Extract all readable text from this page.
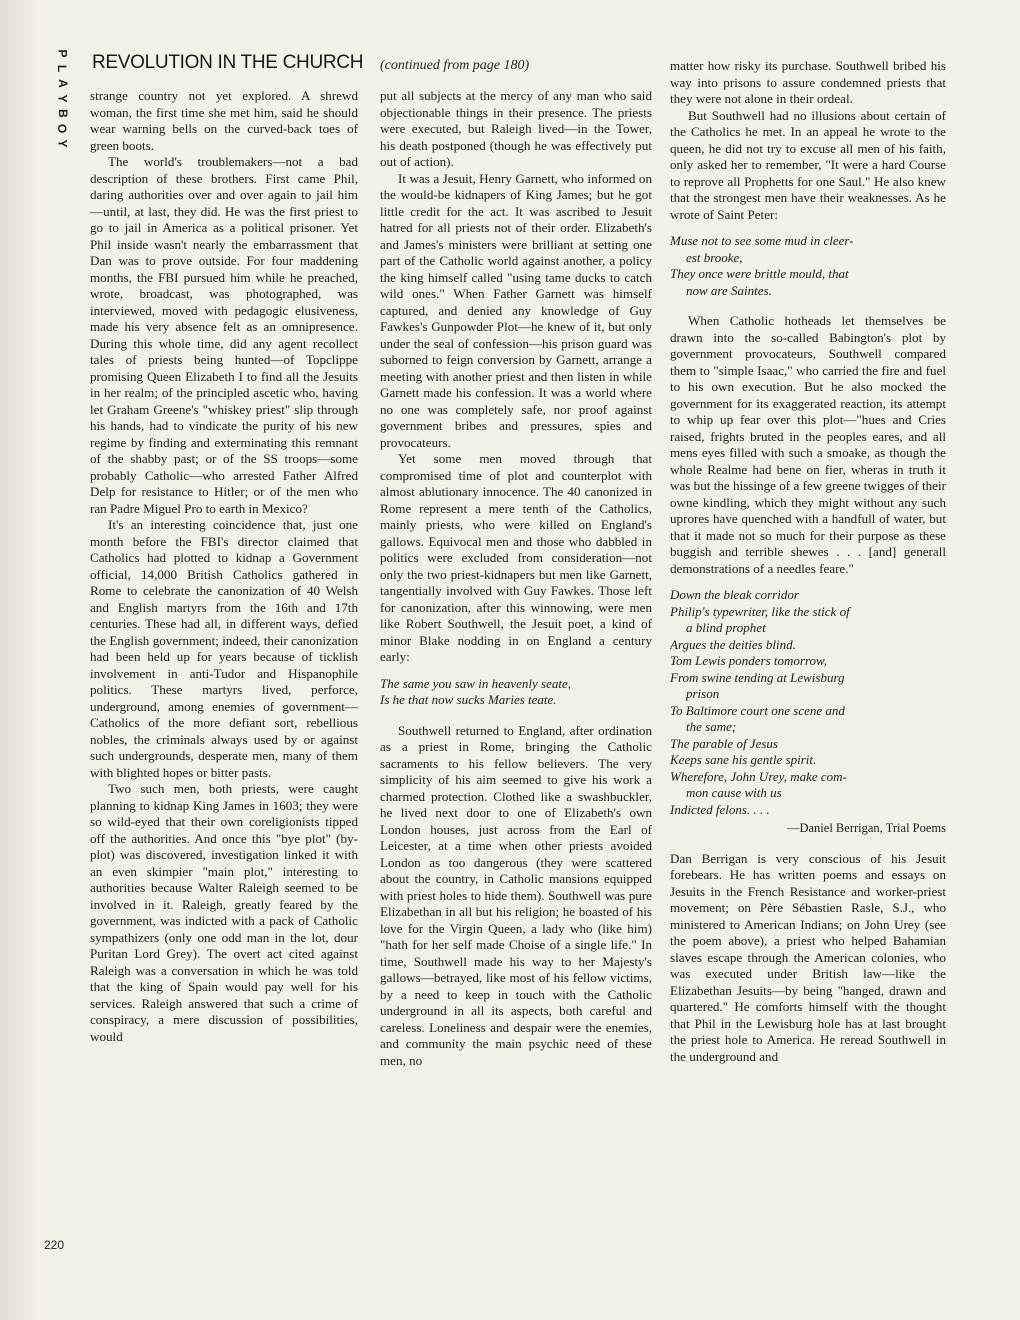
P
L
A
Y
B
O
Y
REVOLUTION IN THE CHURCH (continued from page 180)

strange country not yet explored. A shrewd woman, the first time she met him, said he should wear warning bells on the curved-back toes of green boots.

The world's troublemakers—not a bad description of these brothers. First came Phil, daring authorities over and over again to jail him—until, at last, they did. He was the first priest to go to jail in America as a political prisoner. Yet Phil inside wasn't nearly the embarrassment that Dan was to prove outside. For four maddening months, the FBI pursued him while he preached, wrote, broadcast, was photographed, was interviewed, moved with pedagogic elusiveness, made his very absence felt as an omnipresence. During this whole time, did any agent recollect tales of priests being hunted—of Topclippe promising Queen Elizabeth I to find all the Jesuits in her realm; of the principled ascetic who, having let Graham Greene's "whiskey priest" slip through his hands, had to vindicate the purity of his new regime by finding and exterminating this remnant of the shabby past; or of the SS troops—some probably Catholic—who arrested Father Alfred Delp for resistance to Hitler; or of the men who ran Padre Miguel Pro to earth in Mexico?

It's an interesting coincidence that, just one month before the FBI's director claimed that Catholics had plotted to kidnap a Government official, 14,000 British Catholics gathered in Rome to celebrate the canonization of 40 Welsh and English martyrs from the 16th and 17th centuries. These had all, in different ways, defied the English government; indeed, their canonization had been held up for years because of ticklish involvement in anti-Tudor and Hispanophile politics. These martyrs lived, perforce, underground, among enemies of government—Catholics of the more defiant sort, rebellious nobles, the criminals always used by or against such undergrounds, desperate men, many of them with blighted hopes or bitter pasts.

Two such men, both priests, were caught planning to kidnap King James in 1603; they were so wild-eyed that their own coreligionists tipped off the authorities. And once this "bye plot" (by-plot) was discovered, investigation linked it with an even skimpier "main plot," interesting to authorities because Walter Raleigh seemed to be involved in it. Raleigh, greatly feared by the government, was indicted with a pack of Catholic sympathizers (only one odd man in the lot, dour Puritan Lord Grey). The overt act cited against Raleigh was a conversation in which he was told that the king of Spain would pay well for his services. Raleigh answered that such a crime of conspiracy, a mere discussion of possibilities, would

put all subjects at the mercy of any man who said objectionable things in their presence. The priests were executed, but Raleigh lived—in the Tower, his death postponed (though he was effectively put out of action).

It was a Jesuit, Henry Garnett, who informed on the would-be kidnapers of King James; but he got little credit for the act. It was ascribed to Jesuit hatred for all priests not of their order. Elizabeth's and James's ministers were brilliant at setting one part of the Catholic world against another, a policy the king himself called "using tame ducks to catch wild ones." When Father Garnett was himself captured, and denied any knowledge of Guy Fawkes's Gunpowder Plot—he knew of it, but only under the seal of confession—his prison guard was suborned to feign conversion by Garnett, arrange a meeting with another priest and then listen in while Garnett made his confession. It was a world where no one was completely safe, nor proof against government bribes and pressures, spies and provocateurs.

Yet some men moved through that compromised time of plot and counterplot with almost ablutionary innocence. The 40 canonized in Rome represent a mere tenth of the Catholics, mainly priests, who were killed on England's gallows. Equivocal men and those who dabbled in politics were excluded from consideration—not only the two priest-kidnapers but men like Garnett, tangentially involved with Guy Fawkes. Those left for canonization, after this winnowing, were men like Robert Southwell, the Jesuit poet, a kind of minor Blake nodding in on England a century early:

The same you saw in heavenly seate,
Is he that now sucks Maries teate.

Southwell returned to England, after ordination as a priest in Rome, bringing the Catholic sacraments to his fellow believers. The very simplicity of his aim seemed to give his work a charmed protection. Clothed like a swashbuckler, he lived next door to one of Elizabeth's own London houses, just across from the Earl of Leicester, at a time when other priests avoided London as too dangerous (they were scattered about the country, in Catholic mansions equipped with priest holes to hide them). Southwell was pure Elizabethan in all but his religion; he boasted of his love for the Virgin Queen, a lady who (like him) "hath for her self made Choise of a single life." In time, Southwell made his way to her Majesty's gallows—betrayed, like most of his fellow victims, by a need to keep in touch with the Catholic underground in all its aspects, both careful and careless. Loneliness and despair were the enemies, and community the main psychic need of these men, no

matter how risky its purchase. Southwell bribed his way into prisons to assure condemned priests that they were not alone in their ordeal.

But Southwell had no illusions about certain of the Catholics he met. In an appeal he wrote to the queen, he did not try to excuse all men of his faith, only asked her to remember, "It were a hard Course to reprove all Prophetts for one Saul." He also knew that the strongest men have their weaknesses. As he wrote of Saint Peter:

Muse not to see some mud in cleer-
est brooke,
They once were brittle mould, that
now are Saintes.

When Catholic hotheads let themselves be drawn into the so-called Babington's plot by government provocateurs, Southwell compared them to "simple Isaac," who carried the fire and fuel to his own execution. But he also mocked the government for its exaggerated reaction, its attempt to whip up fear over this plot—"hues and Cries raised, frights bruted in the peoples eares, and all mens eyes filled with such a smoake, as though the whole Realme had bene on fier, wheras in truth it was but the hissinge of a few greene twigges of their owne kindling, which they might without any such uprores have quenched with a handfull of water, but that it made not so much for their purpose as these buggish and terrible shewes . . . [and] generall demonstrations of a needles feare."

Down the bleak corridor
Philip's typewriter, like the stick of
a blind prophet
Argues the deities blind.
Tom Lewis ponders tomorrow,
From swine tending at Lewisburg
prison
To Baltimore court one scene and
the same;
The parable of Jesus
Keeps sane his gentle spirit.
Wherefore, John Urey, make com-
mon cause with us
Indicted felons. . . .
—Daniel Berrigan, Trial Poems

Dan Berrigan is very conscious of his Jesuit forebears. He has written poems and essays on Jesuits in the French Resistance and worker-priest movement; on Père Sébastien Rasle, S.J., who ministered to American Indians; on John Urey (see the poem above), a priest who helped Bahamian slaves escape through the American colonies, who was executed under British law—like the Elizabethan Jesuits—by being "hanged, drawn and quartered." He comforts himself with the thought that Phil in the Lewisburg hole has at last brought the priest hole to America. He reread Southwell in the underground and

220
